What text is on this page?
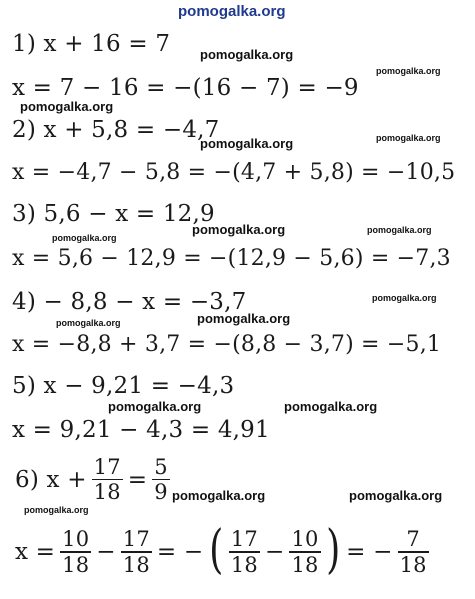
pomogalka.org
1) x + 16 = 7
x = 7 − 16 = −(16 − 7) = −9
2) x + 5,8 = −4,7
x = −4,7 − 5,8 = −(4,7 + 5,8) = −10,5
3) 5,6 − x = 12,9
x = 5,6 − 12,9 = −(12,9 − 5,6) = −7,3
4) − 8,8 − x = −3,7
x = −8,8 + 3,7 = −(8,8 − 3,7) = −5,1
5) x − 9,21 = −4,3
x = 9,21 − 4,3 = 4,91
6) $x + \frac{17}{18} = \frac{5}{9}$
$x = \frac{10}{18} - \frac{17}{18}$ = − ( $\frac{17}{18} - \frac{10}{18}$ ) = − $\frac{7}{18}$
pomogalka.org
pomogalka.org
pomogalka.org
pomogalka.org	pomogalka.org
pomogalka.org
pomogalka.org	pomogalka.org
pomogalka.org
pomogalka.org	pomogalka.org
pomogalka.org	pomogalka.org
pomogalka.org	pomogalka.org
pomogalka.org
